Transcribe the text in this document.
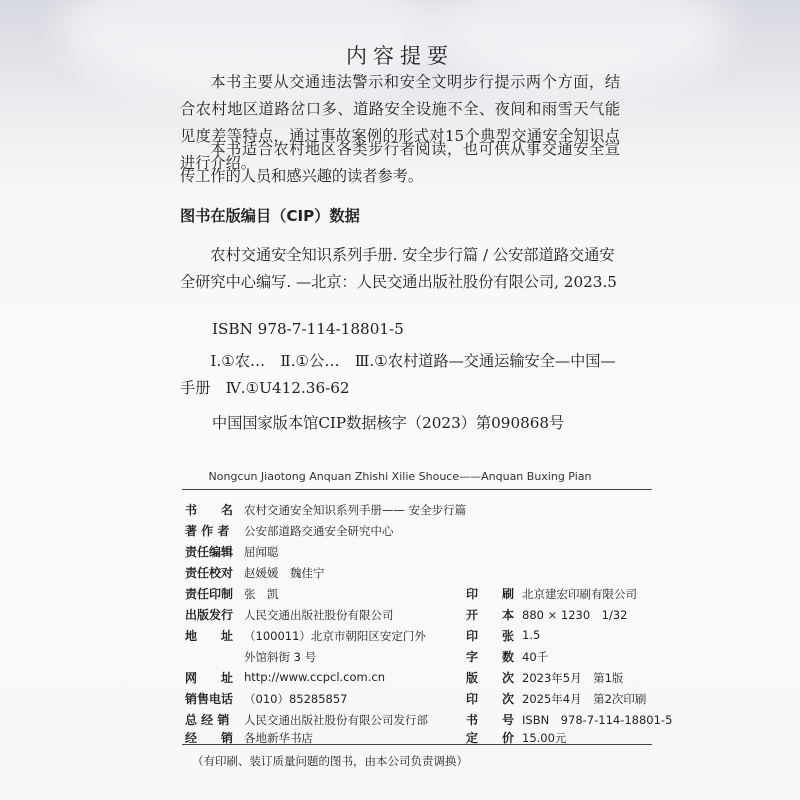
内容提要
本书主要从交通违法警示和安全文明步行提示两个方面，结合农村地区道路岔口多、道路安全设施不全、夜间和雨雪天气能见度差等特点，通过事故案例的形式对15个典型交通安全知识点进行介绍。
本书适合农村地区各类步行者阅读，也可供从事交通安全宣传工作的人员和感兴趣的读者参考。
图书在版编目（CIP）数据
农村交通安全知识系列手册. 安全步行篇 / 公安部道路交通安全研究中心编写. —北京：人民交通出版社股份有限公司, 2023.5
ISBN 978-7-114-18801-5
Ⅰ.①农…　Ⅱ.①公…　Ⅲ.①农村道路—交通运输安全—中国—手册　Ⅳ.①U412.36-62
中国国家版本馆CIP数据核字（2023）第090868号
Nongcun Jiaotong Anquan Zhishi Xilie Shouce——Anquan Buxing Pian
书　　名 农村交通安全知识系列手册—— 安全步行篇
著 作 者 公安部道路交通安全研究中心
责任编辑 屈闻聪
责任校对 赵媛媛　魏佳宁
责任印制 张　凯
出版发行 人民交通出版社股份有限公司
地　　址 （100011）北京市朝阳区安定门外
外馆斜街 3 号
网　　址 http://www.ccpcl.com.cn
销售电话 （010）85285857
总 经 销 人民交通出版社股份有限公司发行部
经　　销 各地新华书店
印　　刷 北京建宏印刷有限公司
开　　本 880 × 1230　1/32
印　　张 1.5
字　　数 40千
版　　次 2023年5月　第1版
印　　次 2025年4月　第2次印刷
书　　号 ISBN　978-7-114-18801-5
定　　价 15.00元
（有印刷、装订质量问题的图书，由本公司负责调换）
